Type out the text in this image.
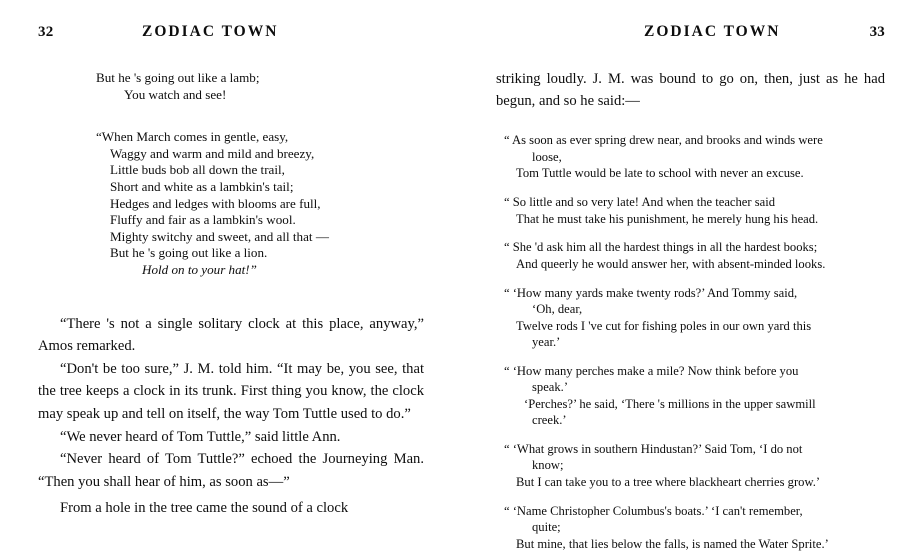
32	ZODIAC TOWN
But he 's going out like a lamb;
You watch and see!
“When March comes in gentle, easy,
Waggy and warm and mild and breezy,
Little buds bob all down the trail,
Short and white as a lambkin's tail;
Hedges and ledges with blooms are full,
Fluffy and fair as a lambkin's wool.
Mighty switchy and sweet, and all that —
But he 's going out like a lion.
Hold on to your hat!”

“There 's not a single solitary clock at this place, anyway,” Amos remarked.

“Don't be too sure,” J. M. told him. “It may be, you see, that the tree keeps a clock in its trunk. First thing you know, the clock may speak up and tell on itself, the way Tom Tuttle used to do.”

“We never heard of Tom Tuttle,” said little Ann.

“Never heard of Tom Tuttle?” echoed the Journeying Man. “Then you shall hear of him, as soon as—”

From a hole in the tree came the sound of a clock

ZODIAC TOWN	33

striking loudly. J. M. was bound to go on, then, just as he had begun, and so he said:—

“ As soon as ever spring drew near, and brooks and winds were
loose,
Tom Tuttle would be late to school with never an excuse.
“ So little and so very late! And when the teacher said
That he must take his punishment, he merely hung his head.
“ She 'd ask him all the hardest things in all the hardest books;
And queerly he would answer her, with absent-minded looks.
“ ‘How many yards make twenty rods?’ And Tommy said,
‘Oh, dear,
Twelve rods I 've cut for fishing poles in our own yard this
year.’
“ ‘How many perches make a mile? Now think before you
speak.’
‘Perches?’ he said, ‘There 's millions in the upper sawmill
creek.’
“ ‘What grows in southern Hindustan?’ Said Tom, ‘I do not
know;
But I can take you to a tree where blackheart cherries grow.’
“ ‘Name Christopher Columbus's boats.’ ‘I can't remember,
quite;
But mine, that lies below the falls, is named the Water Sprite.’
